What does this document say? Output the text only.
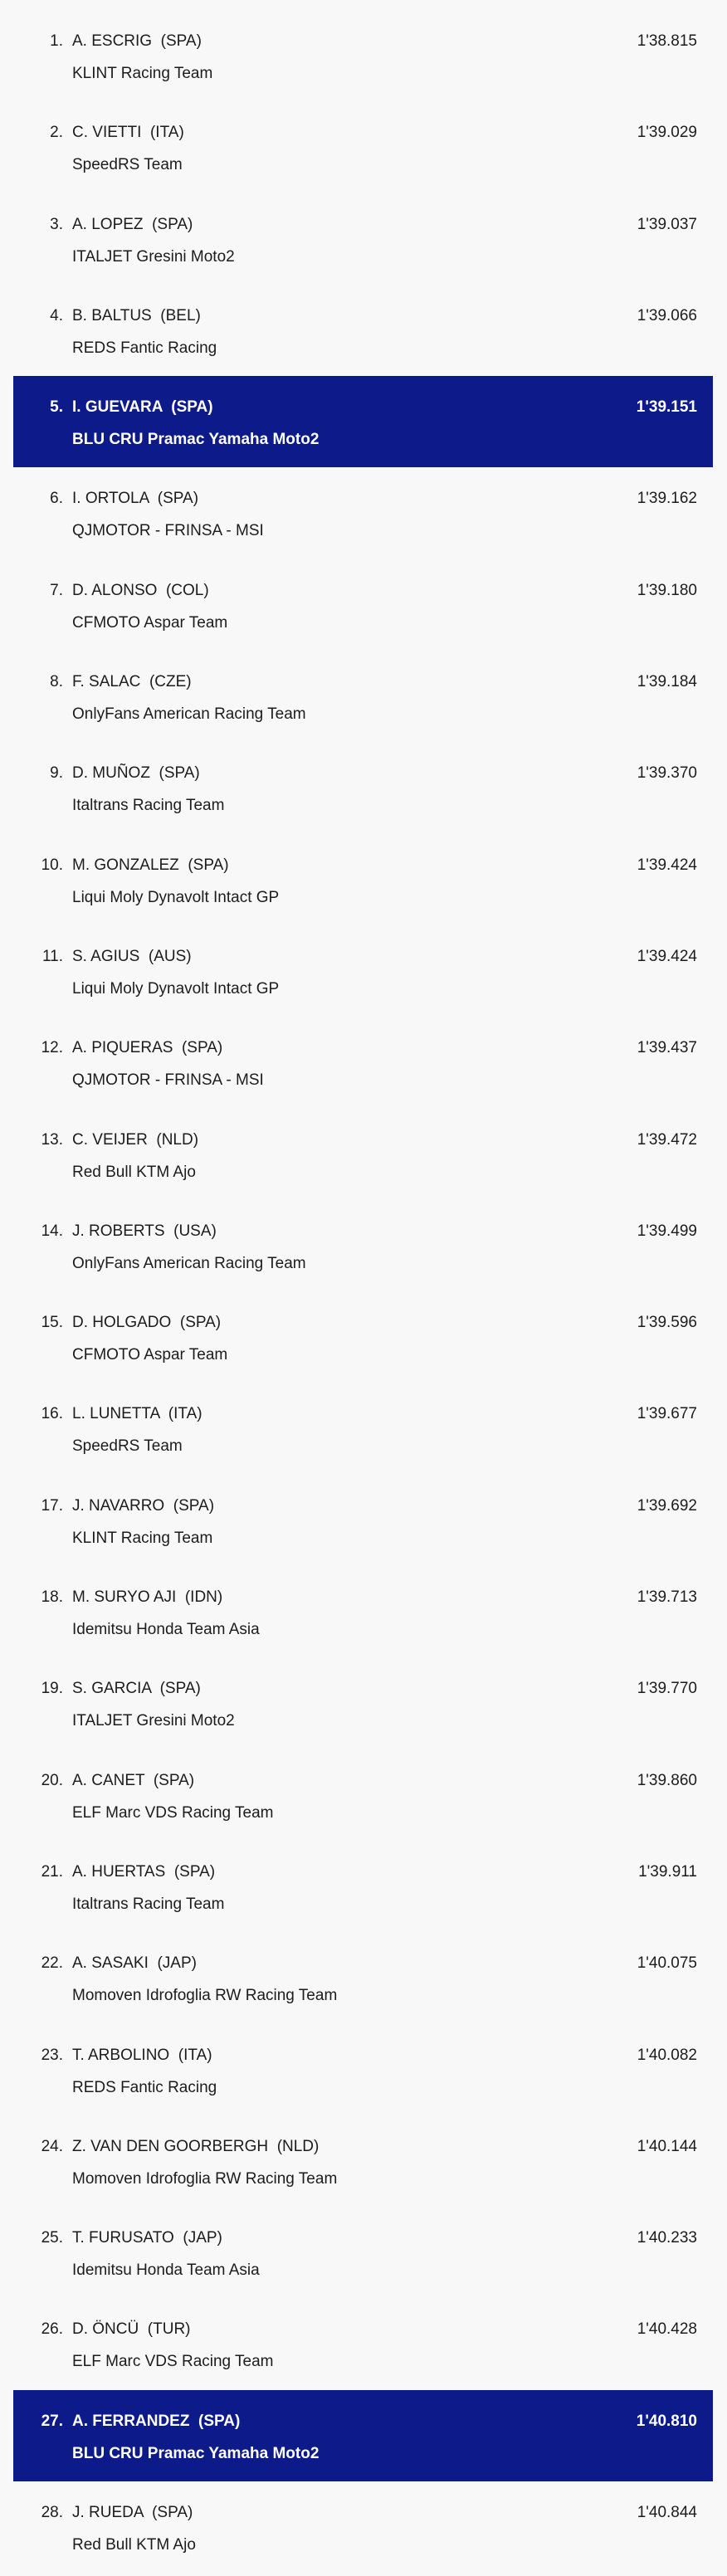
1. A. ESCRIG (SPA)
KLINT Racing Team
1'38.815
2. C. VIETTI (ITA)
SpeedRS Team
1'39.029
3. A. LOPEZ (SPA)
ITALJET Gresini Moto2
1'39.037
4. B. BALTUS (BEL)
REDS Fantic Racing
1'39.066
5. I. GUEVARA (SPA)
BLU CRU Pramac Yamaha Moto2
1'39.151
6. I. ORTOLA (SPA)
QJMOTOR - FRINSA - MSI
1'39.162
7. D. ALONSO (COL)
CFMOTO Aspar Team
1'39.180
8. F. SALAC (CZE)
OnlyFans American Racing Team
1'39.184
9. D. MUÑOZ (SPA)
Italtrans Racing Team
1'39.370
10. M. GONZALEZ (SPA)
Liqui Moly Dynavolt Intact GP
1'39.424
11. S. AGIUS (AUS)
Liqui Moly Dynavolt Intact GP
1'39.424
12. A. PIQUERAS (SPA)
QJMOTOR - FRINSA - MSI
1'39.437
13. C. VEIJER (NLD)
Red Bull KTM Ajo
1'39.472
14. J. ROBERTS (USA)
OnlyFans American Racing Team
1'39.499
15. D. HOLGADO (SPA)
CFMOTO Aspar Team
1'39.596
16. L. LUNETTA (ITA)
SpeedRS Team
1'39.677
17. J. NAVARRO (SPA)
KLINT Racing Team
1'39.692
18. M. SURYO AJI (IDN)
Idemitsu Honda Team Asia
1'39.713
19. S. GARCIA (SPA)
ITALJET Gresini Moto2
1'39.770
20. A. CANET (SPA)
ELF Marc VDS Racing Team
1'39.860
21. A. HUERTAS (SPA)
Italtrans Racing Team
1'39.911
22. A. SASAKI (JAP)
Momoven Idrofoglia RW Racing Team
1'40.075
23. T. ARBOLINO (ITA)
REDS Fantic Racing
1'40.082
24. Z. VAN DEN GOORBERGH (NLD)
Momoven Idrofoglia RW Racing Team
1'40.144
25. T. FURUSATO (JAP)
Idemitsu Honda Team Asia
1'40.233
26. D. ÖNCÜ (TUR)
ELF Marc VDS Racing Team
1'40.428
27. A. FERRANDEZ (SPA)
BLU CRU Pramac Yamaha Moto2
1'40.810
28. J. RUEDA (SPA)
Red Bull KTM Ajo
1'40.844
